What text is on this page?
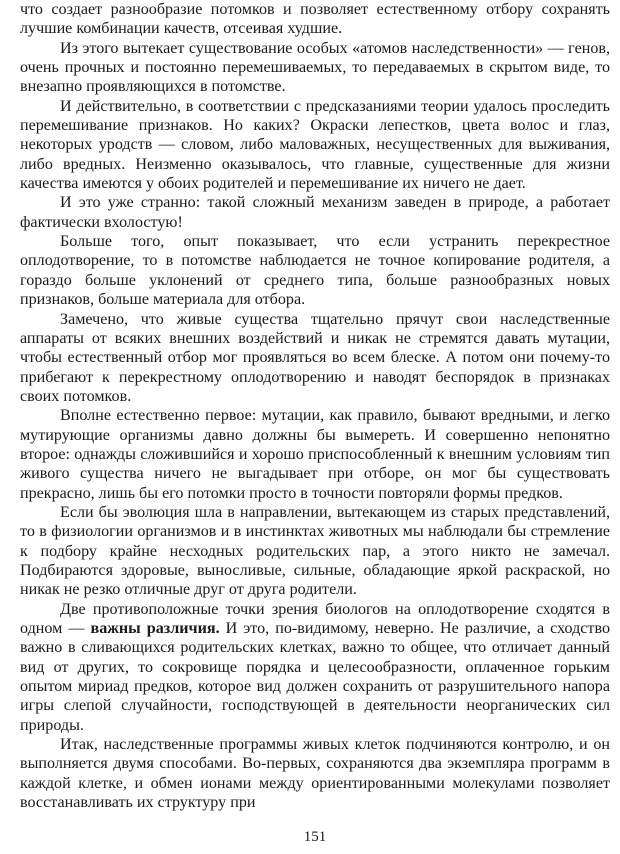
что создает разнообразие потомков и позволяет естественному отбору сохранять лучшие комбинации качеств, отсеивая худшие.

Из этого вытекает существование особых «атомов наследственности» — генов, очень прочных и постоянно перемешиваемых, то передаваемых в скрытом виде, то внезапно проявляющихся в потомстве.

И действительно, в соответствии с предсказаниями теории удалось проследить перемешивание признаков. Но каких? Окраски лепестков, цвета волос и глаз, некоторых уродств — словом, либо маловажных, несущественных для выживания, либо вредных. Неизменно оказывалось, что главные, существенные для жизни качества имеются у обоих родителей и перемешивание их ничего не дает.

И это уже странно: такой сложный механизм заведен в природе, а работает фактически вхолостую!

Больше того, опыт показывает, что если устранить перекрестное оплодотворение, то в потомстве наблюдается не точное копирование родителя, а гораздо больше уклонений от среднего типа, больше разнообразных новых признаков, больше материала для отбора.

Замечено, что живые существа тщательно прячут свои наследственные аппараты от всяких внешних воздействий и никак не стремятся давать мутации, чтобы естественный отбор мог проявляться во всем блеске. А потом они почему-то прибегают к перекрестному оплодотворению и наводят беспорядок в признаках своих потомков.

Вполне естественно первое: мутации, как правило, бывают вредными, и легко мутирующие организмы давно должны бы вымереть. И совершенно непонятно второе: однажды сложившийся и хорошо приспособленный к внешним условиям тип живого существа ничего не выгадывает при отборе, он мог бы существовать прекрасно, лишь бы его потомки просто в точности повторяли формы предков.

Если бы эволюция шла в направлении, вытекающем из старых представлений, то в физиологии организмов и в инстинктах животных мы наблюдали бы стремление к подбору крайне несходных родительских пар, а этого никто не замечал. Подбираются здоровые, выносливые, сильные, обладающие яркой раскраской, но никак не резко отличные друг от друга родители.

Две противоположные точки зрения биологов на оплодотворение сходятся в одном — важны различия. И это, по-видимому, неверно. Не различие, а сходство важно в сливающихся родительских клетках, важно то общее, что отличает данный вид от других, то сокровище порядка и целесообразности, оплаченное горьким опытом мириад предков, которое вид должен сохранить от разрушительного напора игры слепой случайности, господствующей в деятельности неорганических сил природы.

Итак, наследственные программы живых клеток подчиняются контролю, и он выполняется двумя способами. Во-первых, сохраняются два экземпляра программ в каждой клетке, и обмен ионами между ориентированными молекулами позволяет восстанавливать их структуру при

151
